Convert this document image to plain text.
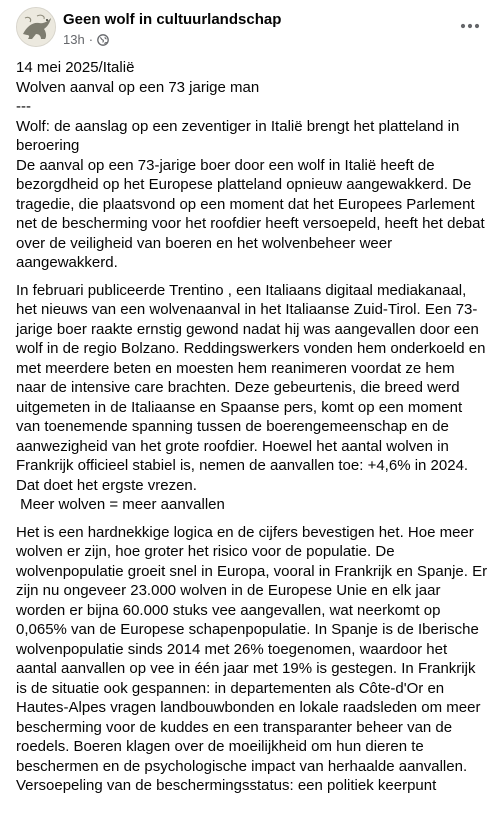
Geen wolf in cultuurlandschap
13h ·
14 mei 2025/Italië
Wolven aanval op een 73 jarige man
---
Wolf: de aanslag op een zeventiger in Italië brengt het platteland in beroering
De aanval op een 73-jarige boer door een wolf in Italië heeft de bezorgdheid op het Europese platteland opnieuw aangewakkerd. De tragedie, die plaatsvond op een moment dat het Europees Parlement net de bescherming voor het roofdier heeft versoepeld, heeft het debat over de veiligheid van boeren en het wolvenbeheer weer aangewakkerd.
In februari publiceerde Trentino , een Italiaans digitaal mediakanaal, het nieuws van een wolvenaanval in het Italiaanse Zuid-Tirol. Een 73-jarige boer raakte ernstig gewond nadat hij was aangevallen door een wolf in de regio Bolzano. Reddingswerkers vonden hem onderkoeld en met meerdere beten en moesten hem reanimeren voordat ze hem naar de intensive care brachten. Deze gebeurtenis, die breed werd uitgemeten in de Italiaanse en Spaanse pers, komt op een moment van toenemende spanning tussen de boerengemeenschap en de aanwezigheid van het grote roofdier. Hoewel het aantal wolven in Frankrijk officieel stabiel is, nemen de aanvallen toe: +4,6% in 2024. Dat doet het ergste vrezen.
Meer wolven = meer aanvallen
Het is een hardnekkige logica en de cijfers bevestigen het. Hoe meer wolven er zijn, hoe groter het risico voor de populatie. De wolvenpopulatie groeit snel in Europa, vooral in Frankrijk en Spanje. Er zijn nu ongeveer 23.000 wolven in de Europese Unie en elk jaar worden er bijna 60.000 stuks vee aangevallen, wat neerkomt op 0,065% van de Europese schapenpopulatie. In Spanje is de Iberische wolvenpopulatie sinds 2014 met 26% toegenomen, waardoor het aantal aanvallen op vee in één jaar met 19% is gestegen. In Frankrijk is de situatie ook gespannen: in departementen als Côte-d'Or en Hautes-Alpes vragen landbouwbonden en lokale raadsleden om meer bescherming voor de kuddes en een transparanter beheer van de roedels. Boeren klagen over de moeilijkheid om hun dieren te beschermen en de psychologische impact van herhaalde aanvallen.
Versoepeling van de beschermingsstatus: een politiek keerpunt
